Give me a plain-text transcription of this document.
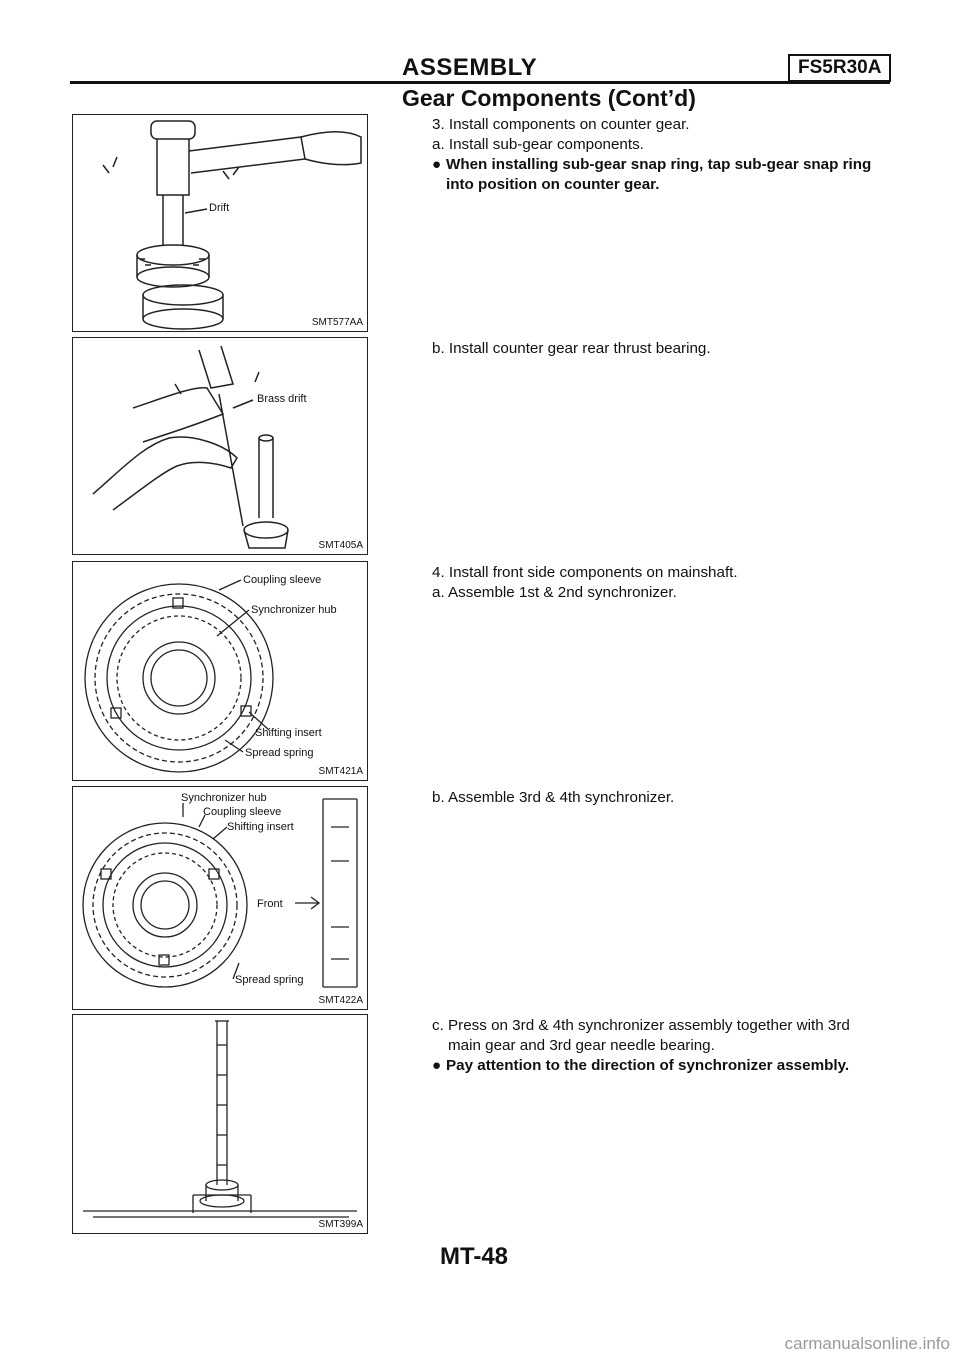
ASSEMBLY	FS5R30A
Gear Components (Cont’d)
Drift
SMT577AA
Brass drift
SMT405A
Coupling sleeve
Synchronizer hub
Shifting insert
Spread spring
SMT421A
Synchronizer hub
Coupling sleeve
Shifting insert
Front
Spread spring
SMT422A
SMT399A

3. Install components on counter gear.

a. Install sub-gear components.

● When installing sub-gear snap ring, tap sub-gear snap ring into position on counter gear.

b. Install counter gear rear thrust bearing.

4. Install front side components on mainshaft.

a. Assemble 1st & 2nd synchronizer.

b. Assemble 3rd & 4th synchronizer.

c. Press on 3rd & 4th synchronizer assembly together with 3rd

main gear and 3rd gear needle bearing.

● Pay attention to the direction of synchronizer assembly.
MT-48
carmanualsonline.info
